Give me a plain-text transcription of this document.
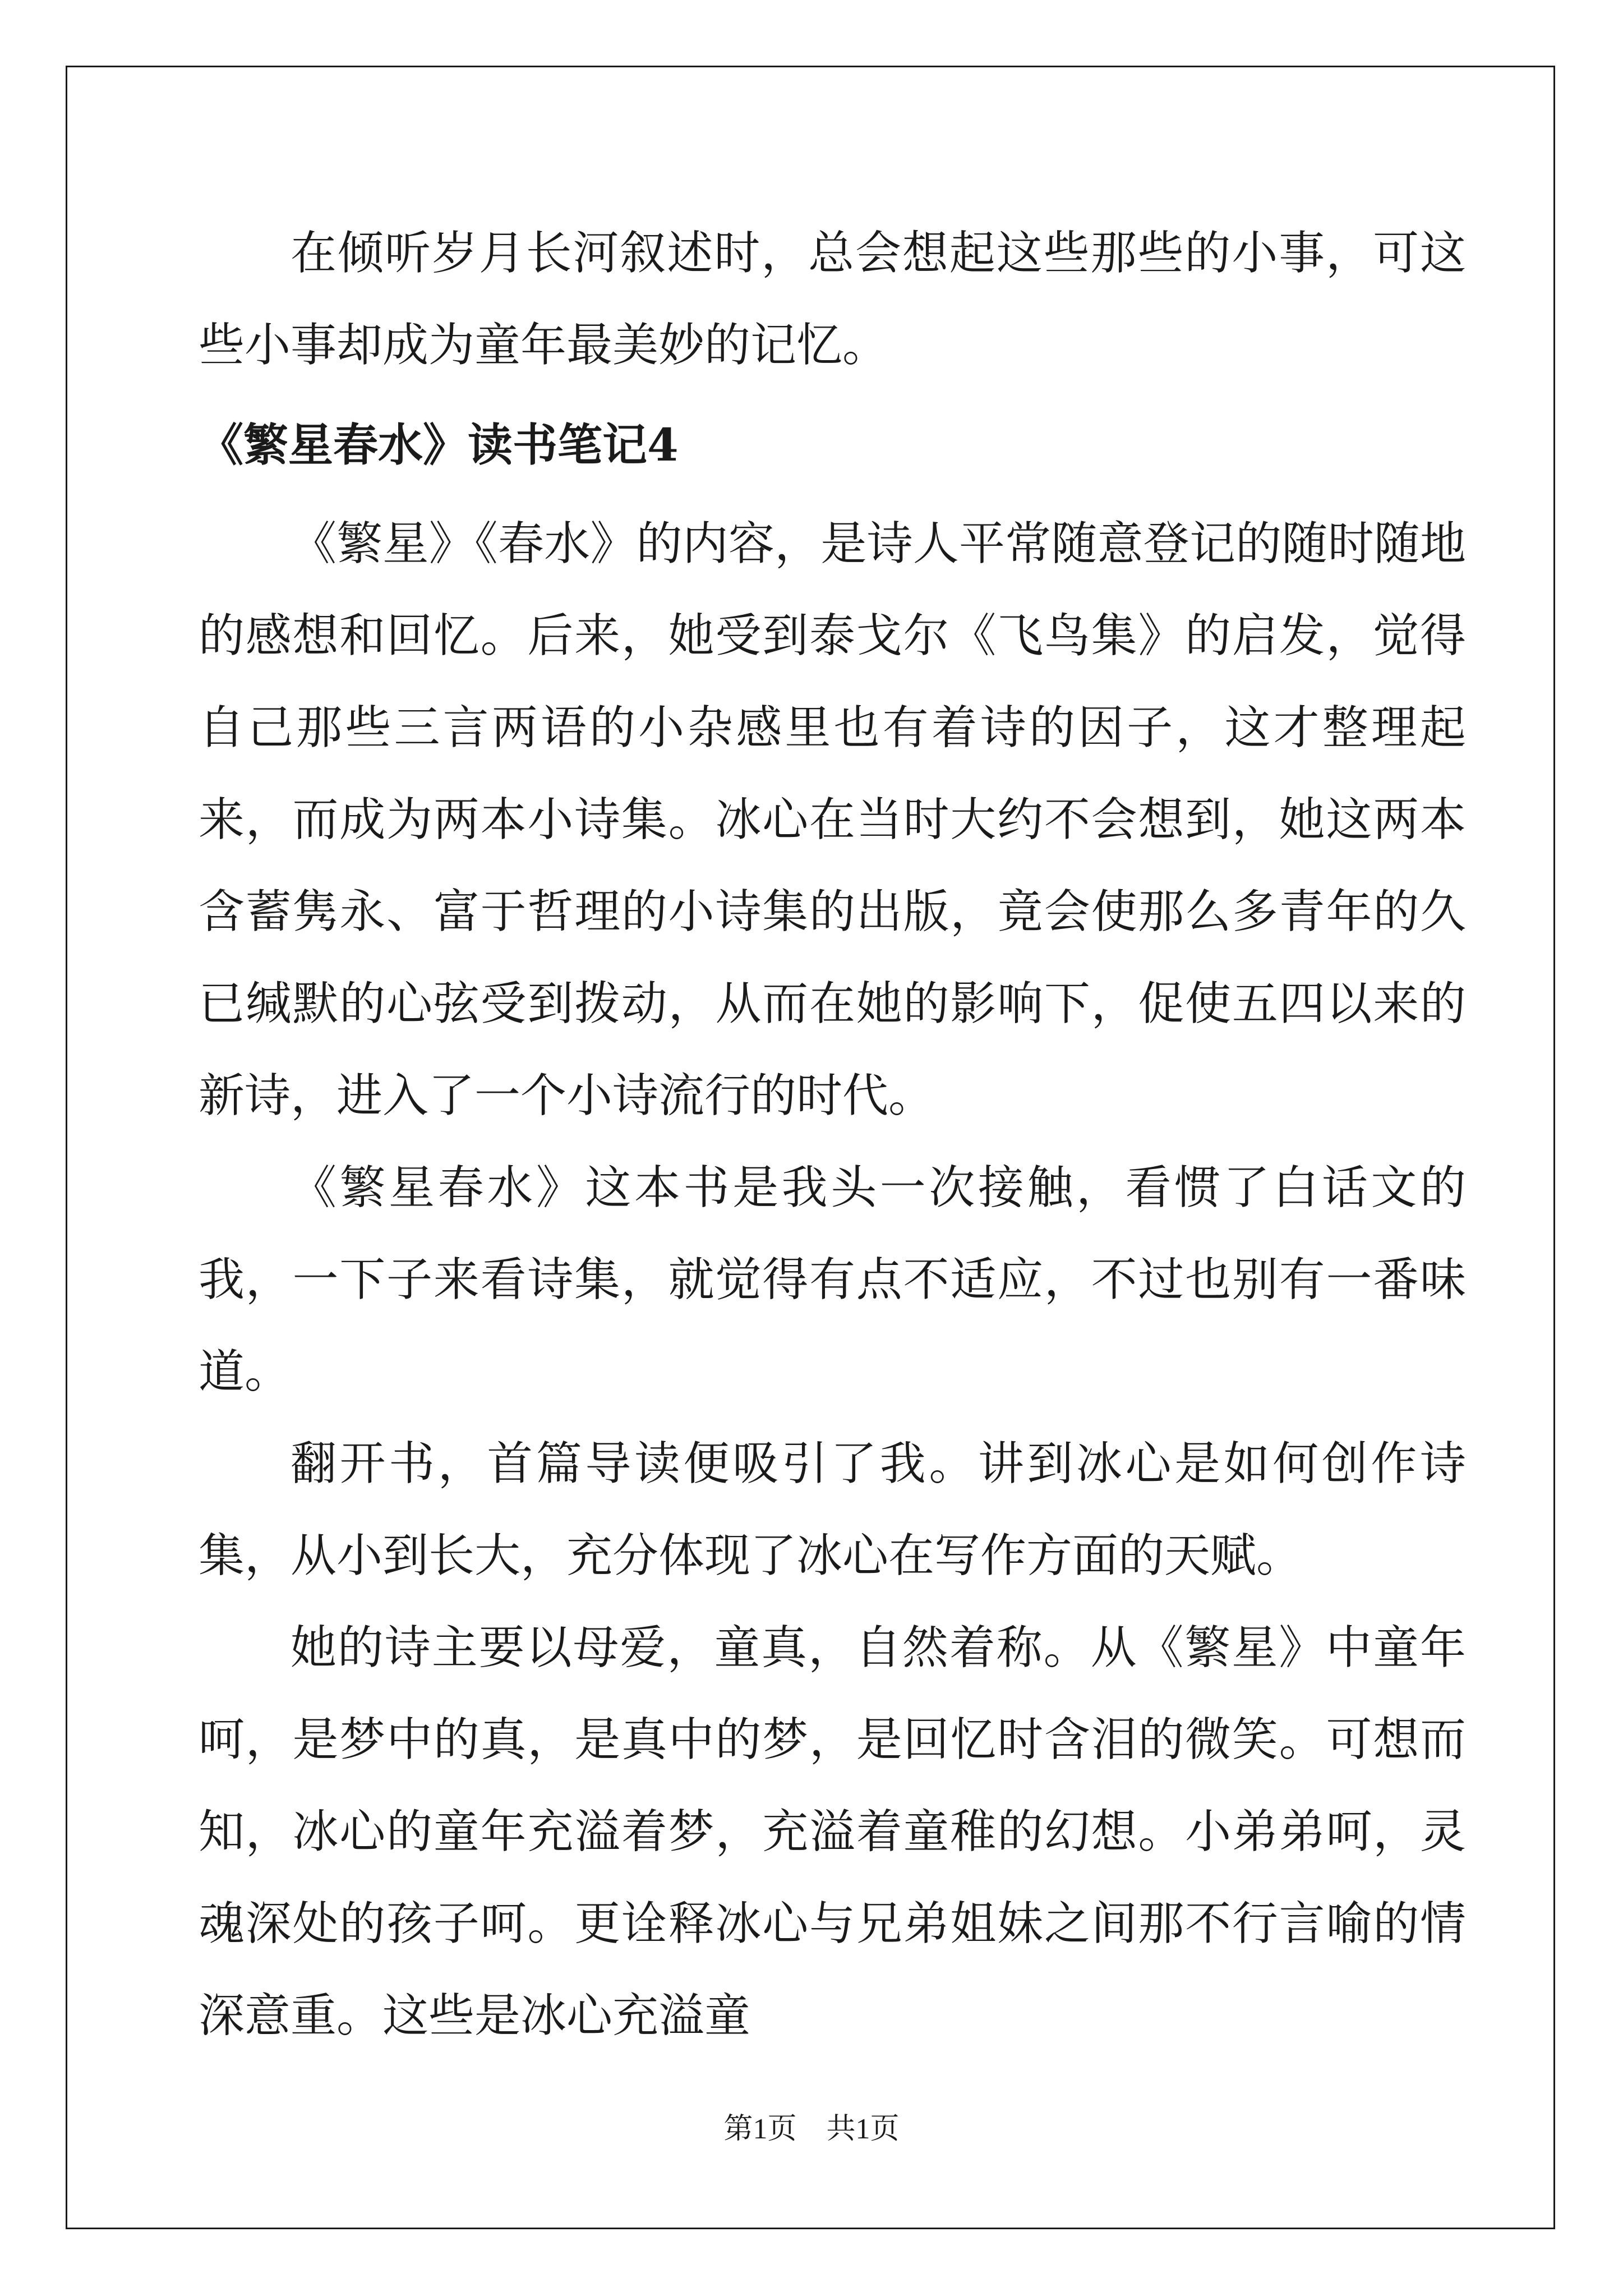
在倾听岁月长河叙述时，总会想起这些那些的小事，可这些小事却成为童年最美妙的记忆。

《繁星春水》读书笔记4

《繁星》《春水》的内容，是诗人平常随意登记的随时随地的感想和回忆。后来，她受到泰戈尔《飞鸟集》的启发，觉得自己那些三言两语的小杂感里也有着诗的因子，这才整理起来，而成为两本小诗集。冰心在当时大约不会想到，她这两本含蓄隽永、富于哲理的小诗集的出版，竟会使那么多青年的久已缄默的心弦受到拨动，从而在她的影响下，促使五四以来的新诗，进入了一个小诗流行的时代。

《繁星春水》这本书是我头一次接触，看惯了白话文的我，一下子来看诗集，就觉得有点不适应，不过也别有一番味道。

翻开书，首篇导读便吸引了我。讲到冰心是如何创作诗集，从小到长大，充分体现了冰心在写作方面的天赋。

她的诗主要以母爱，童真，自然着称。从《繁星》中童年呵，是梦中的真，是真中的梦，是回忆时含泪的微笑。可想而知，冰心的童年充溢着梦，充溢着童稚的幻想。小弟弟呵，灵魂深处的孩子呵。更诠释冰心与兄弟姐妹之间那不行言喻的情深意重。这些是冰心充溢童

第1页 共1页
